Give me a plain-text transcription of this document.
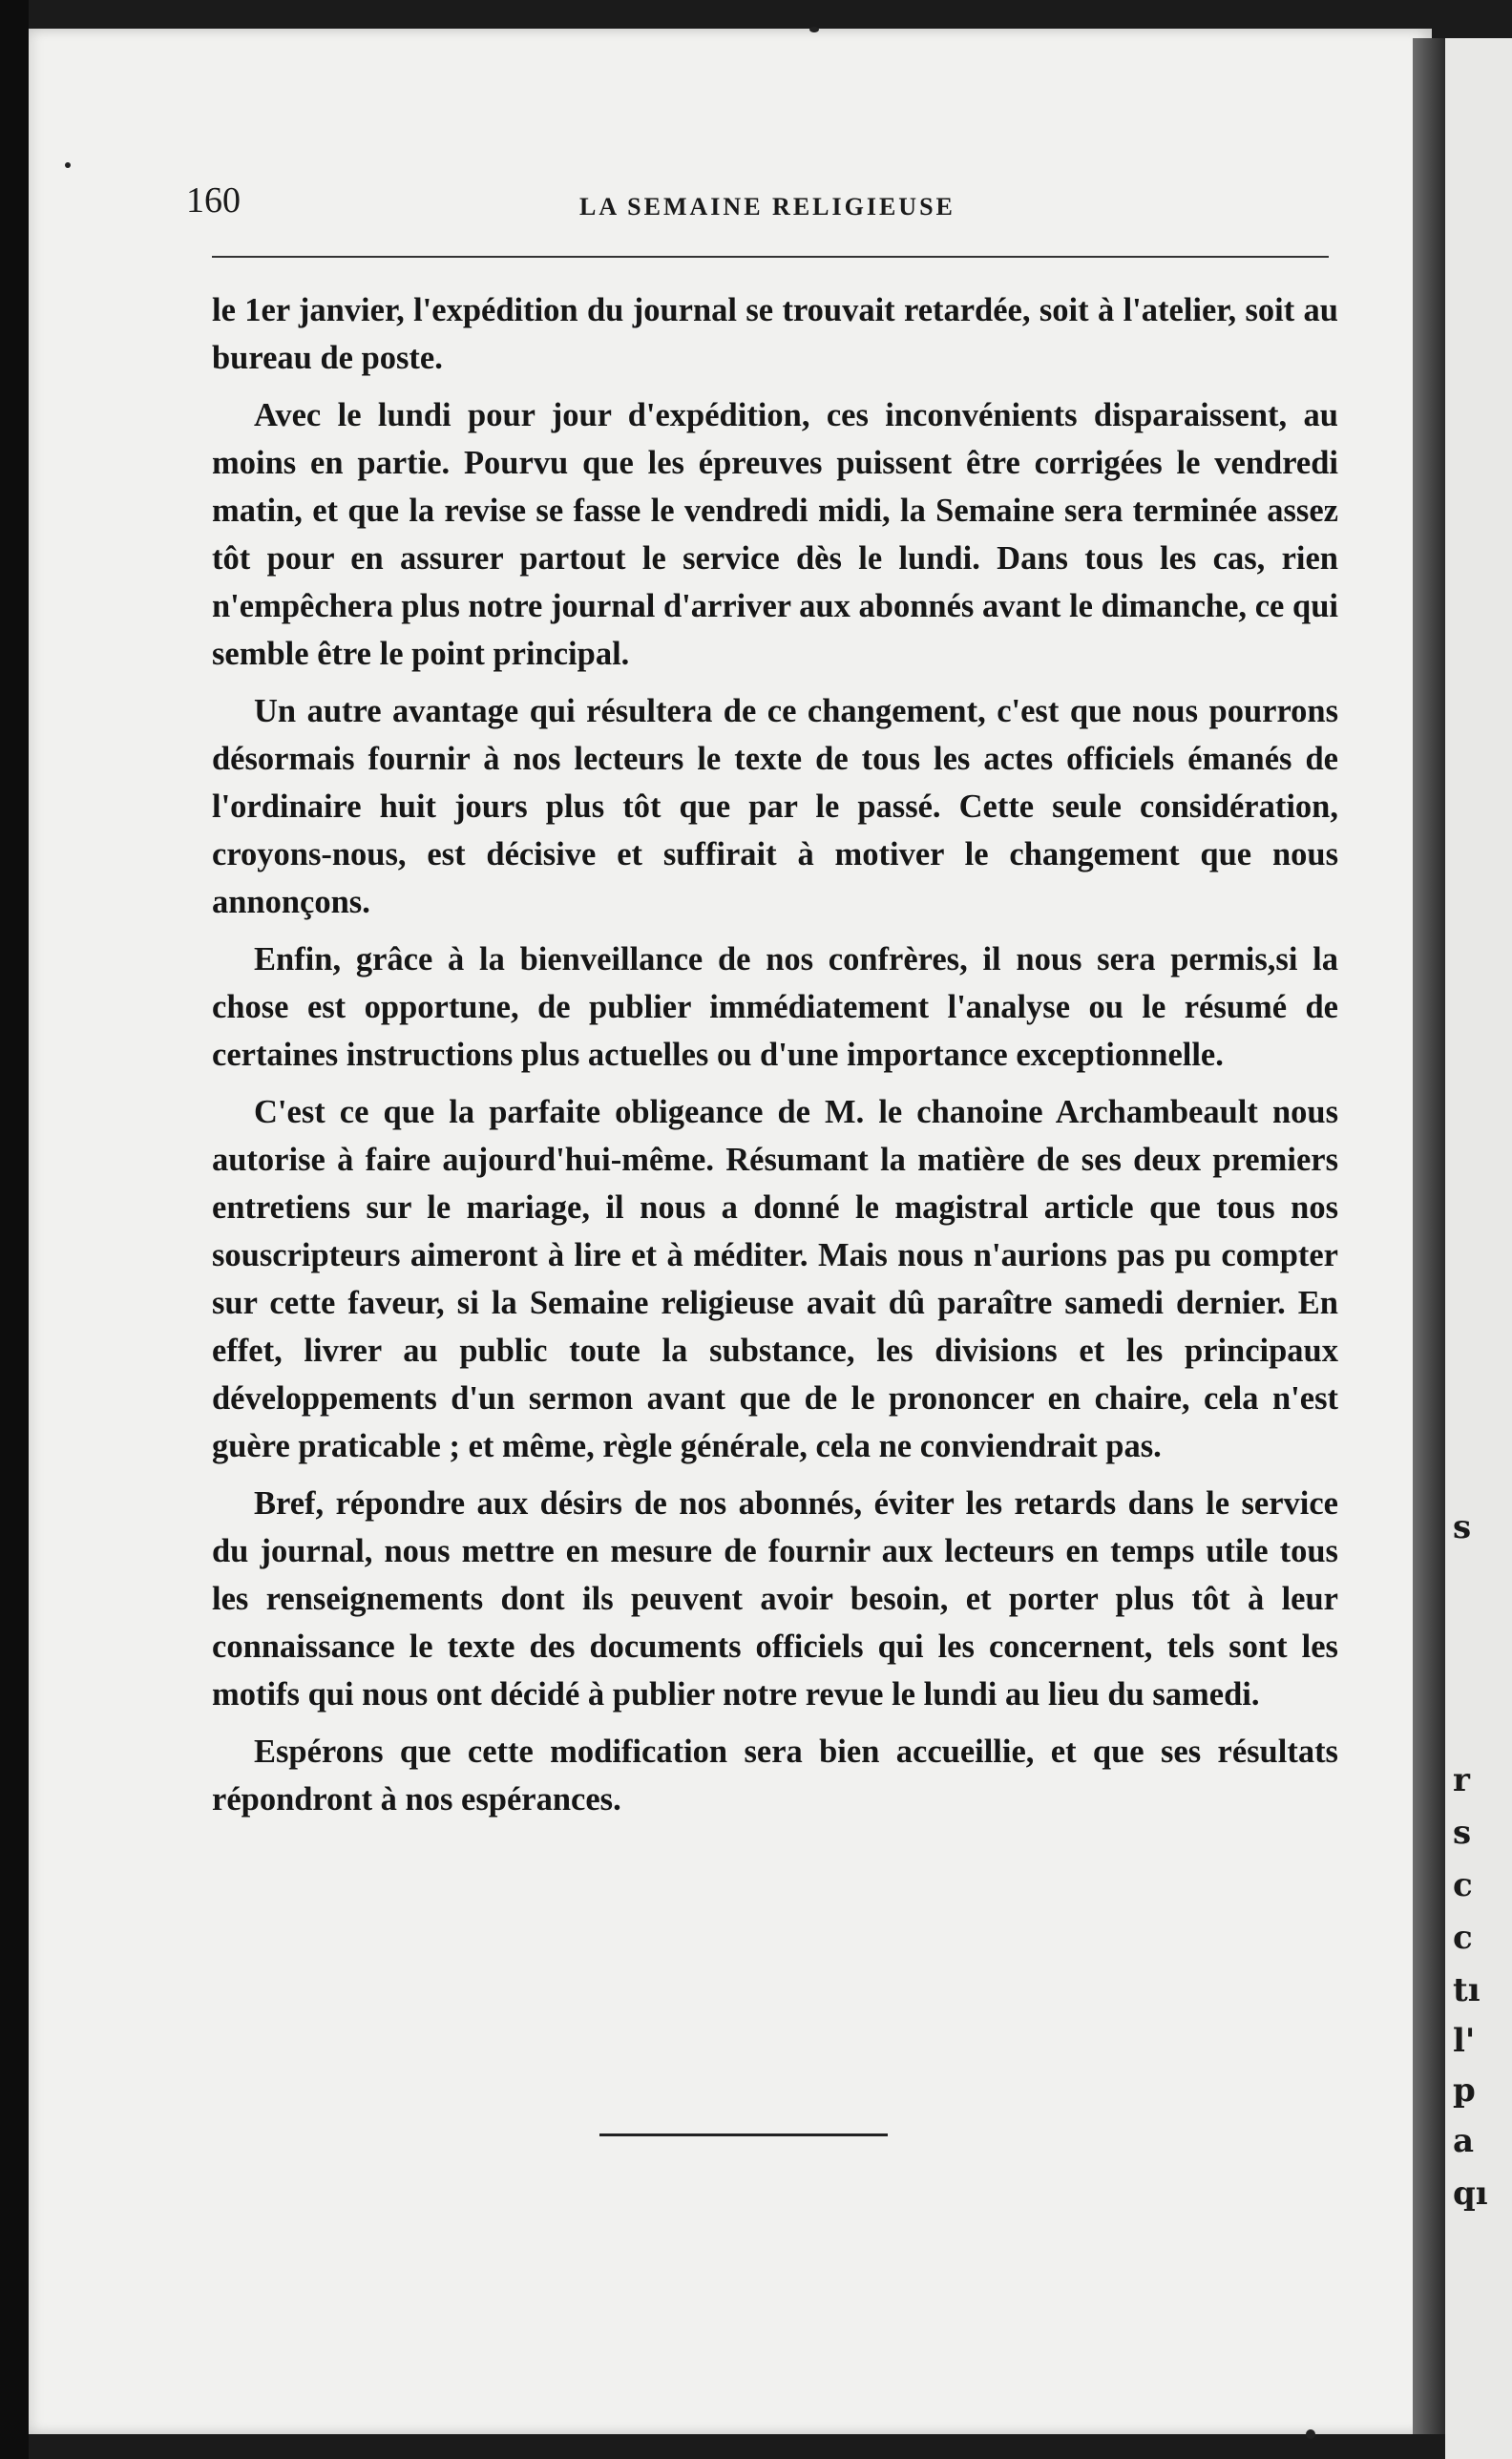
s
r
s
c
c
tı
l'
p
a
qı
160	LA SEMAINE RELIGIEUSE

le 1er janvier, l'expédition du journal se trouvait retardée, soit à l'atelier, soit au bureau de poste.

Avec le lundi pour jour d'expédition, ces inconvénients disparaissent, au moins en partie. Pourvu que les épreuves puissent être corrigées le vendredi matin, et que la revise se fasse le vendredi midi, la Semaine sera terminée assez tôt pour en assurer partout le service dès le lundi. Dans tous les cas, rien n'empêchera plus notre journal d'arriver aux abonnés avant le dimanche, ce qui semble être le point principal.

Un autre avantage qui résultera de ce changement, c'est que nous pourrons désormais fournir à nos lecteurs le texte de tous les actes officiels émanés de l'ordinaire huit jours plus tôt que par le passé. Cette seule considération, croyons-nous, est décisive et suffirait à motiver le changement que nous annonçons.

Enfin, grâce à la bienveillance de nos confrères, il nous sera permis,si la chose est opportune, de publier immédiatement l'analyse ou le résumé de certaines instructions plus actuelles ou d'une importance exceptionnelle.

C'est ce que la parfaite obligeance de M. le chanoine Archambeault nous autorise à faire aujourd'hui-même. Résumant la matière de ses deux premiers entretiens sur le mariage, il nous a donné le magistral article que tous nos souscripteurs aimeront à lire et à méditer. Mais nous n'aurions pas pu compter sur cette faveur, si la Semaine religieuse avait dû paraître samedi dernier. En effet, livrer au public toute la substance, les divisions et les principaux développements d'un sermon avant que de le prononcer en chaire, cela n'est guère praticable ; et même, règle générale, cela ne conviendrait pas.

Bref, répondre aux désirs de nos abonnés, éviter les retards dans le service du journal, nous mettre en mesure de fournir aux lecteurs en temps utile tous les renseignements dont ils peuvent avoir besoin, et porter plus tôt à leur connaissance le texte des documents officiels qui les concernent, tels sont les motifs qui nous ont décidé à publier notre revue le lundi au lieu du samedi.

Espérons que cette modification sera bien accueillie, et que ses résultats répondront à nos espérances.
